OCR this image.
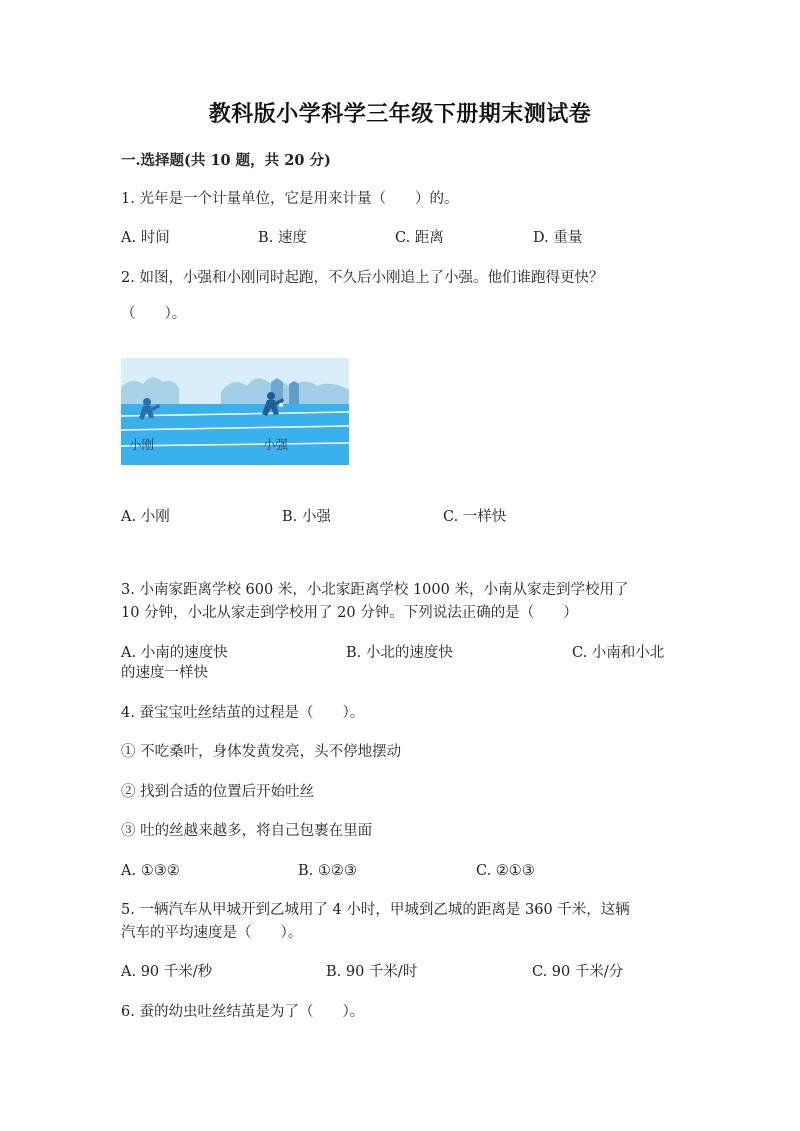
教科版小学科学三年级下册期末测试卷
一.选择题(共 10 题，共 20 分)
1. 光年是一个计量单位，它是用来计量（　　）的。
A. 时间	B. 速度	C. 距离	D. 重量
2. 如图，小强和小刚同时起跑，不久后小刚追上了小强。他们谁跑得更快？
（　　）。
小刚	小强
A. 小刚	B. 小强	C. 一样快
3. 小南家距离学校 600 米，小北家距离学校 1000 米，小南从家走到学校用了
10 分钟，小北从家走到学校用了 20 分钟。下列说法正确的是（　　）
A. 小南的速度快	B. 小北的速度快	C. 小南和小北
的速度一样快
4. 蚕宝宝吐丝结茧的过程是（　　）。
① 不吃桑叶，身体发黄发亮，头不停地摆动
② 找到合适的位置后开始吐丝
③ 吐的丝越来越多，将自己包裹在里面
A. ①③②	B. ①②③	C. ②①③
5. 一辆汽车从甲城开到乙城用了 4 小时，甲城到乙城的距离是 360 千米，这辆
汽车的平均速度是（　　）。
A. 90 千米/秒	B. 90 千米/时	C. 90 千米/分
6. 蚕的幼虫吐丝结茧是为了（　　）。
